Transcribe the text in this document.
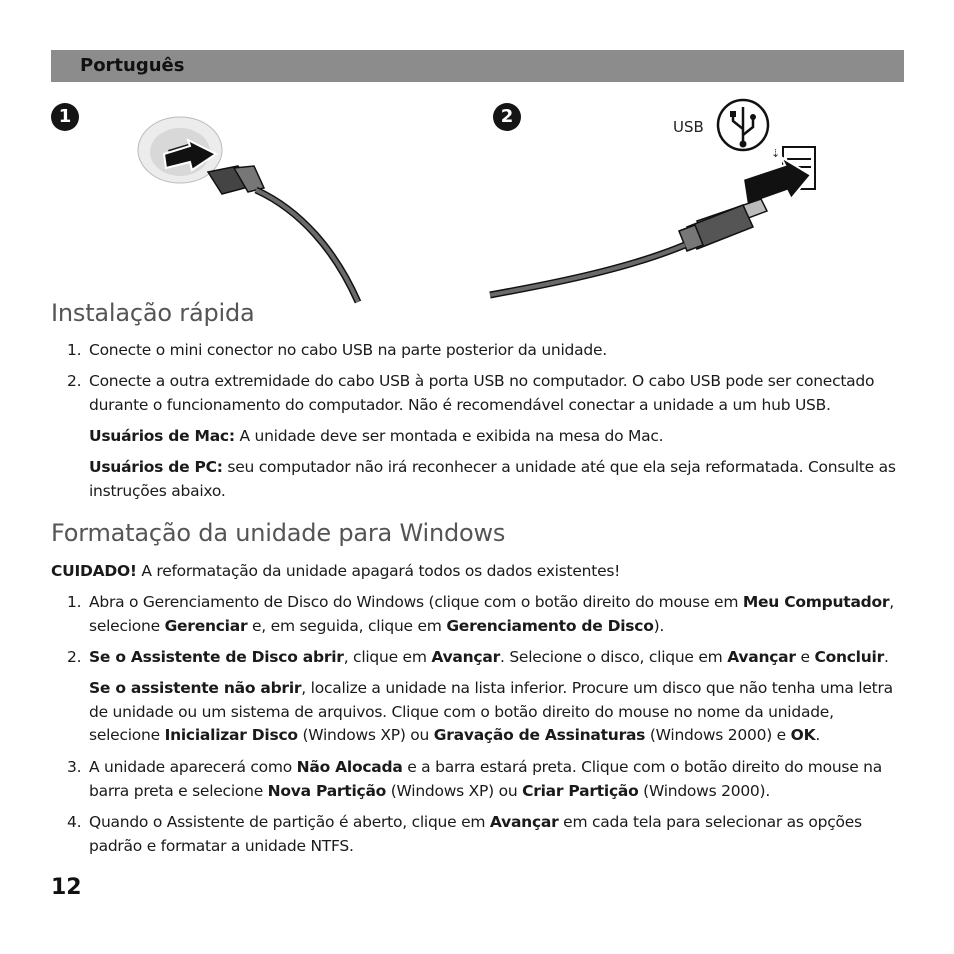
Português
1	2	USB
⇣
Instalação rápida
1. Conecte o mini conector no cabo USB na parte posterior da unidade.
2. Conecte a outra extremidade do cabo USB à porta USB no computador. O cabo USB pode ser conectado durante o funcionamento do computador. Não é recomendável conectar a unidade a um hub USB.
Usuários de Mac: A unidade deve ser montada e exibida na mesa do Mac.
Usuários de PC: seu computador não irá reconhecer a unidade até que ela seja reformatada. Consulte as instruções abaixo.
Formatação da unidade para Windows
CUIDADO! A reformatação da unidade apagará todos os dados existentes!
1. Abra o Gerenciamento de Disco do Windows (clique com o botão direito do mouse em Meu Computador, selecione Gerenciar e, em seguida, clique em Gerenciamento de Disco).
2. Se o Assistente de Disco abrir, clique em Avançar. Selecione o disco, clique em Avançar e Concluir.
Se o assistente não abrir, localize a unidade na lista inferior. Procure um disco que não tenha uma letra de unidade ou um sistema de arquivos. Clique com o botão direito do mouse no nome da unidade, selecione Inicializar Disco (Windows XP) ou Gravação de Assinaturas (Windows 2000) e OK.
3. A unidade aparecerá como Não Alocada e a barra estará preta. Clique com o botão direito do mouse na barra preta e selecione Nova Partição (Windows XP) ou Criar Partição (Windows 2000).
4. Quando o Assistente de partição é aberto, clique em Avançar em cada tela para selecionar as opções padrão e formatar a unidade NTFS.
12
